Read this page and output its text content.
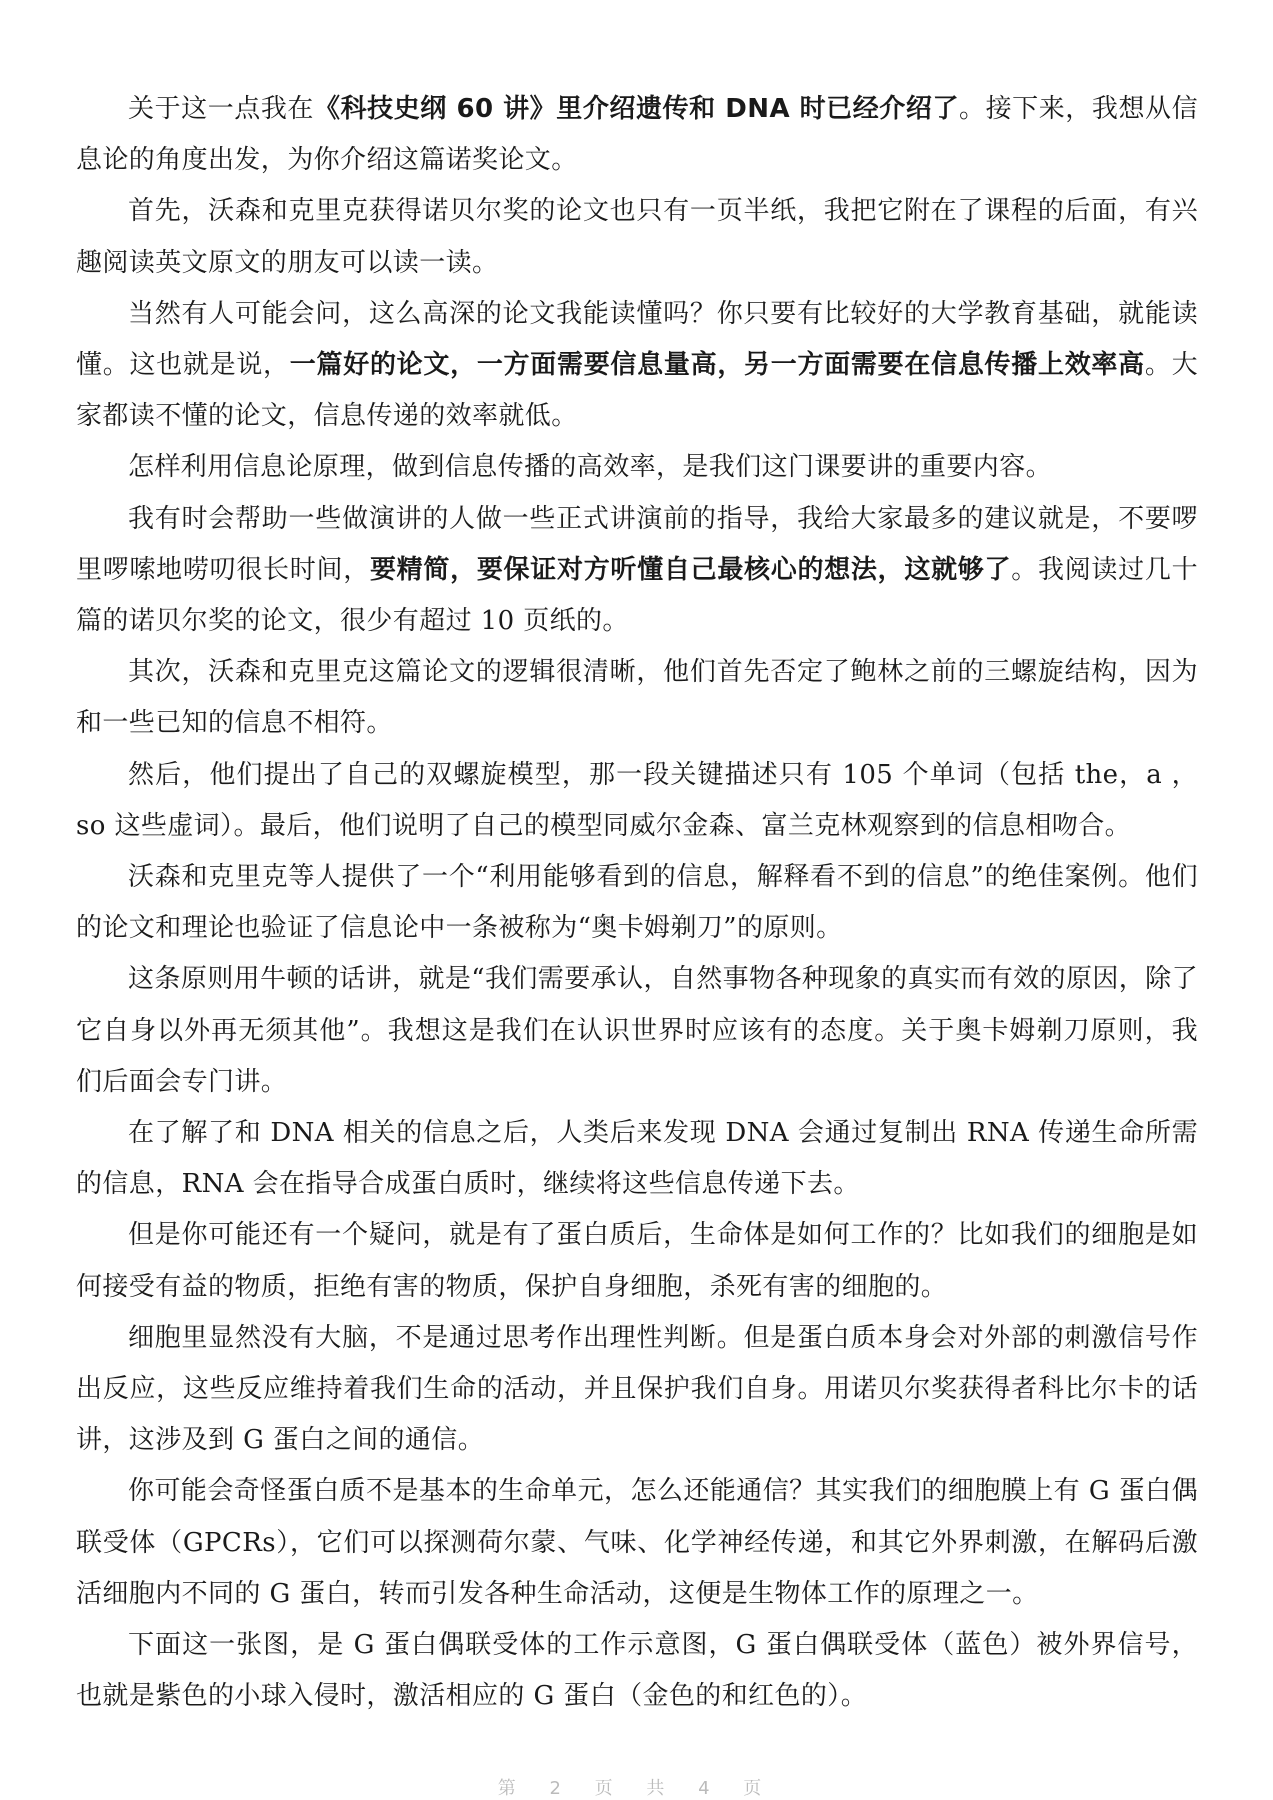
关于这一点我在《科技史纲 60 讲》里介绍遗传和 DNA 时已经介绍了。接下来，我想从信息论的角度出发，为你介绍这篇诺奖论文。

首先，沃森和克里克获得诺贝尔奖的论文也只有一页半纸，我把它附在了课程的后面，有兴趣阅读英文原文的朋友可以读一读。

当然有人可能会问，这么高深的论文我能读懂吗？你只要有比较好的大学教育基础，就能读懂。这也就是说，一篇好的论文，一方面需要信息量高，另一方面需要在信息传播上效率高。大家都读不懂的论文，信息传递的效率就低。

怎样利用信息论原理，做到信息传播的高效率，是我们这门课要讲的重要内容。

我有时会帮助一些做演讲的人做一些正式讲演前的指导，我给大家最多的建议就是，不要啰里啰嗦地唠叨很长时间，要精简，要保证对方听懂自己最核心的想法，这就够了。我阅读过几十篇的诺贝尔奖的论文，很少有超过 10 页纸的。

其次，沃森和克里克这篇论文的逻辑很清晰，他们首先否定了鲍林之前的三螺旋结构，因为和一些已知的信息不相符。

然后，他们提出了自己的双螺旋模型，那一段关键描述只有 105 个单词（包括 the，a ，so 这些虚词）。最后，他们说明了自己的模型同威尔金森、富兰克林观察到的信息相吻合。

沃森和克里克等人提供了一个“利用能够看到的信息，解释看不到的信息”的绝佳案例。他们的论文和理论也验证了信息论中一条被称为“奥卡姆剃刀”的原则。

这条原则用牛顿的话讲，就是“我们需要承认，自然事物各种现象的真实而有效的原因，除了它自身以外再无须其他”。我想这是我们在认识世界时应该有的态度。关于奥卡姆剃刀原则，我们后面会专门讲。

在了解了和 DNA 相关的信息之后，人类后来发现 DNA 会通过复制出 RNA 传递生命所需的信息，RNA 会在指导合成蛋白质时，继续将这些信息传递下去。

但是你可能还有一个疑问，就是有了蛋白质后，生命体是如何工作的？比如我们的细胞是如何接受有益的物质，拒绝有害的物质，保护自身细胞，杀死有害的细胞的。

细胞里显然没有大脑，不是通过思考作出理性判断。但是蛋白质本身会对外部的刺激信号作出反应，这些反应维持着我们生命的活动，并且保护我们自身。用诺贝尔奖获得者科比尔卡的话讲，这涉及到 G 蛋白之间的通信。

你可能会奇怪蛋白质不是基本的生命单元，怎么还能通信？其实我们的细胞膜上有 G 蛋白偶联受体（GPCRs），它们可以探测荷尔蒙、气味、化学神经传递，和其它外界刺激，在解码后激活细胞内不同的 G 蛋白，转而引发各种生命活动，这便是生物体工作的原理之一。

下面这一张图，是 G 蛋白偶联受体的工作示意图，G 蛋白偶联受体（蓝色）被外界信号，也就是紫色的小球入侵时，激活相应的 G 蛋白（金色的和红色的）。

第 2 页 共 4 页
